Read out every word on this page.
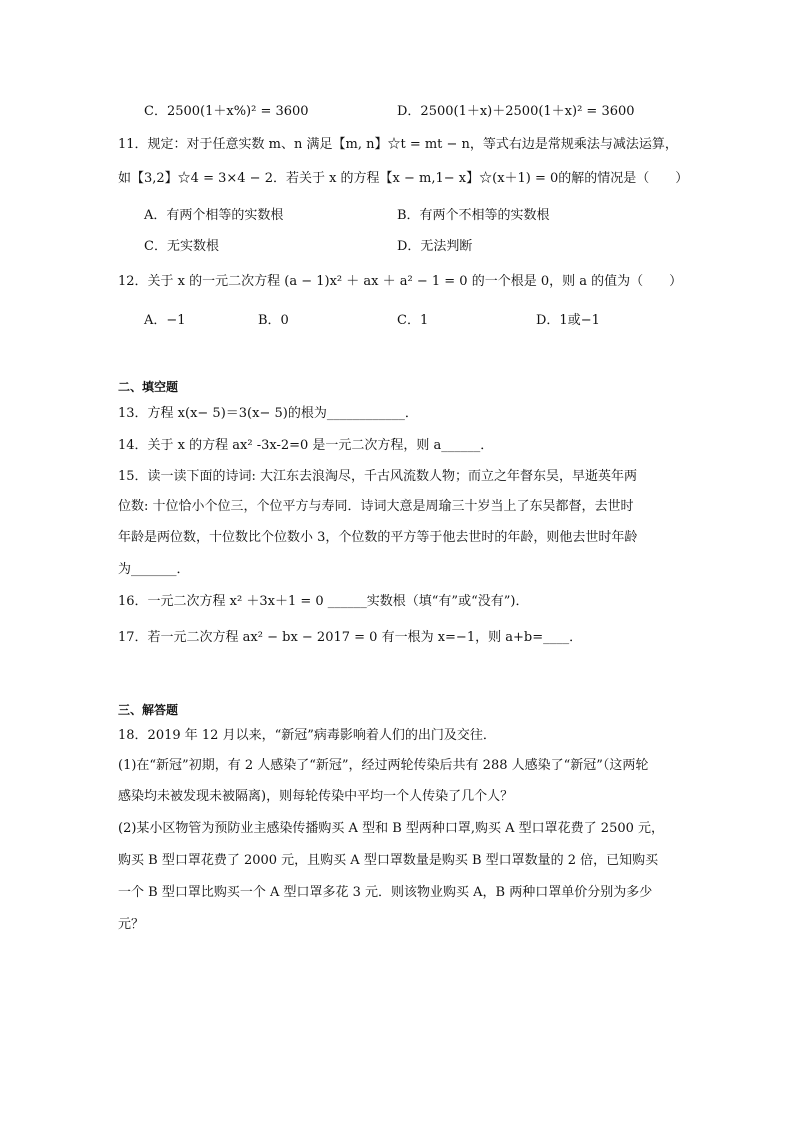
C．2500(1＋x%)² = 3600	D．2500(1＋x)＋2500(1＋x)² = 3600
11．规定：对于任意实数 m、n 满足【m, n】☆t = mt − n，等式右边是常规乘法与减法运算，
如【3,2】☆4 = 3×4 − 2．若关于 x 的方程【x − m,1− x】☆(x＋1) = 0的解的情况是（　　）
A．有两个相等的实数根	B．有两个不相等的实数根
C．无实数根	D．无法判断
12．关于 x 的一元二次方程 (a − 1)x² ＋ ax ＋ a² − 1 = 0 的一个根是 0，则 a 的值为（　　）
A．−1	B．0	C．1	D．1或−1
二、填空题
13．方程 x(x− 5)＝3(x− 5)的根为____________．
14．关于 x 的方程 ax² -3x-2=0 是一元二次方程，则 a______．
15．读一读下面的诗词: 大江东去浪淘尽，千古风流数人物；而立之年督东吴，早逝英年两
位数: 十位恰小个位三，个位平方与寿同．诗词大意是周瑜三十岁当上了东吴都督，去世时
年龄是两位数，十位数比个位数小 3，个位数的平方等于他去世时的年龄，则他去世时年龄
为_______．
16．一元二次方程 x² ＋3x＋1 = 0 ______实数根（填“有”或“没有”)．
17．若一元二次方程 ax² − bx − 2017 = 0 有一根为 x=−1，则 a+b=____．
三、解答题
18．2019 年 12 月以来，“新冠”病毒影响着人们的出门及交往．
(1)在“新冠”初期，有 2 人感染了“新冠”，经过两轮传染后共有 288 人感染了“新冠”（这两轮
感染均未被发现未被隔离)，则每轮传染中平均一个人传染了几个人？
(2)某小区物管为预防业主感染传播购买 A 型和 B 型两种口罩,购买 A 型口罩花费了 2500 元，
购买 B 型口罩花费了 2000 元，且购买 A 型口罩数量是购买 B 型口罩数量的 2 倍，已知购买
一个 B 型口罩比购买一个 A 型口罩多花 3 元．则该物业购买 A，B 两种口罩单价分别为多少
元？
